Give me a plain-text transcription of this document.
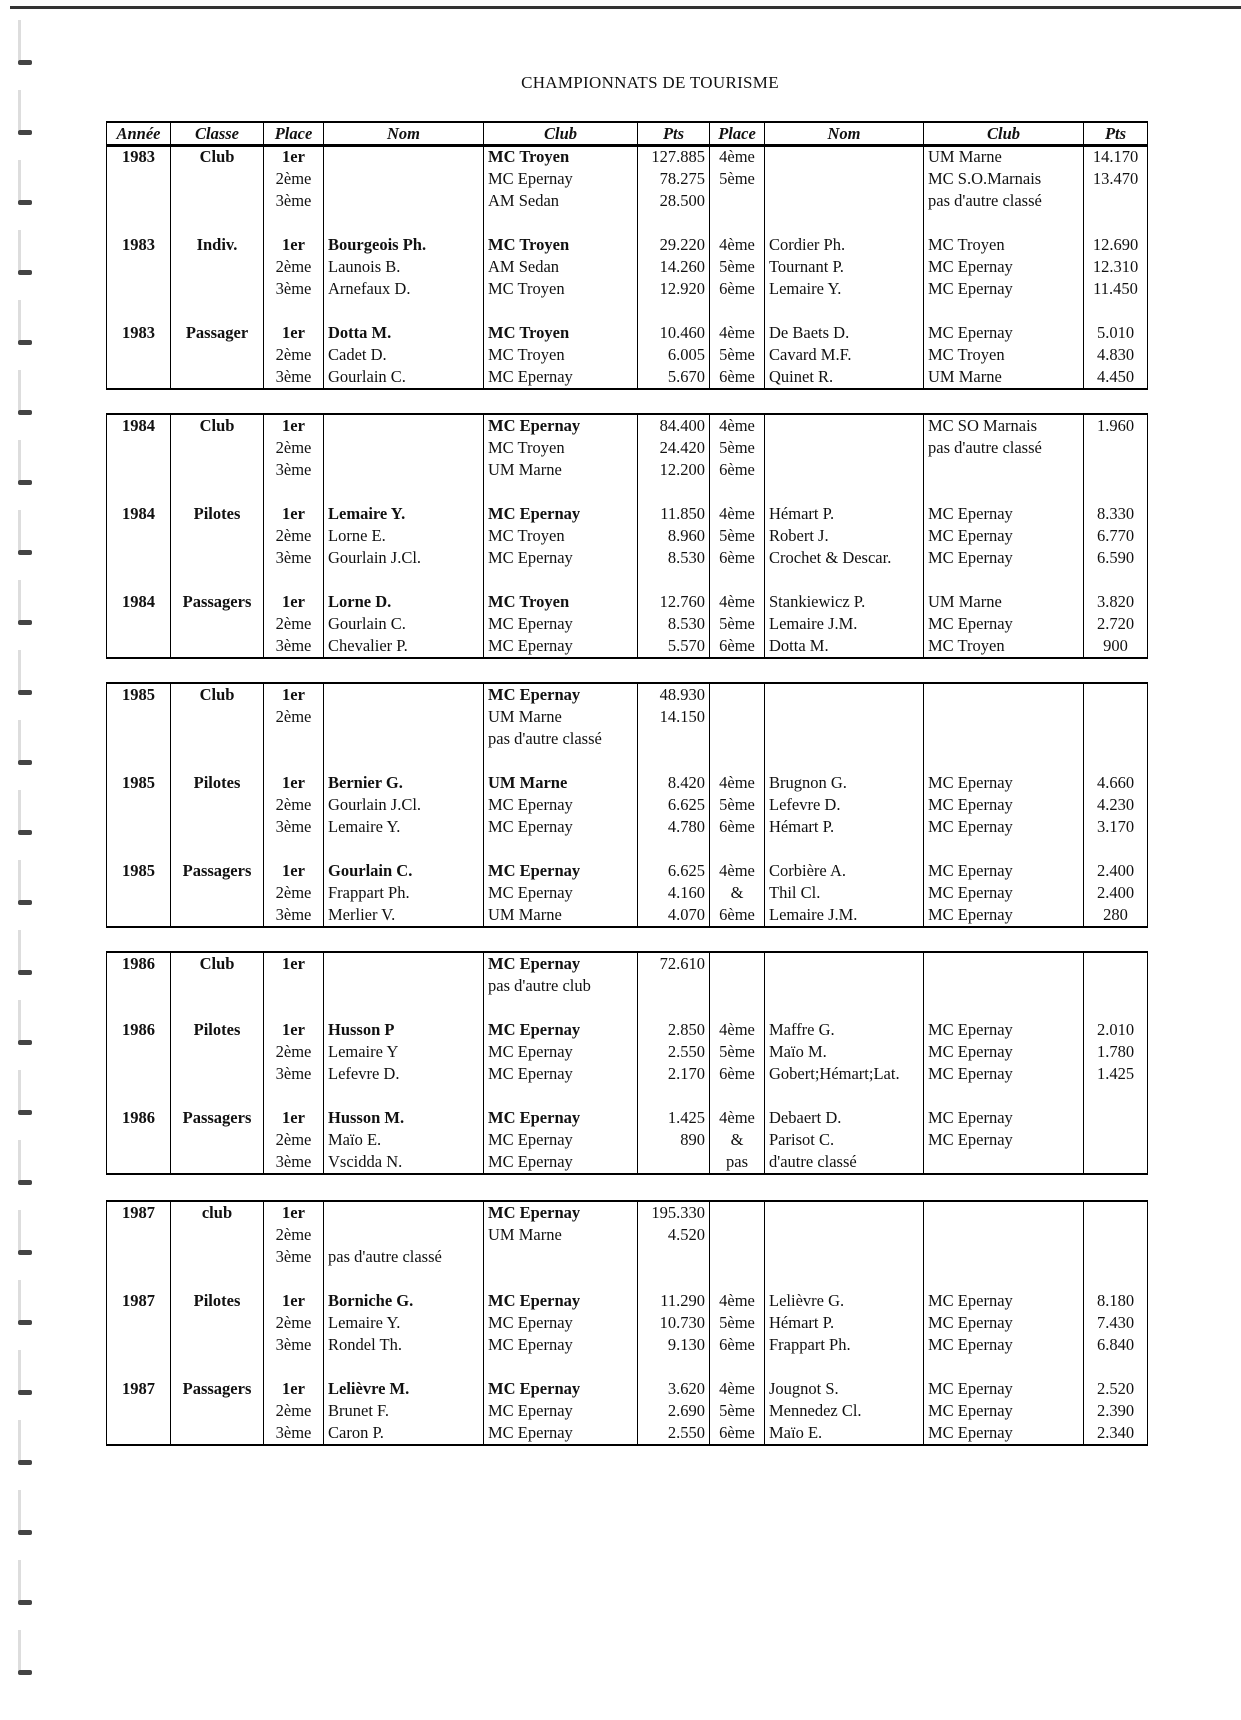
CHAMPIONNATS DE TOURISME
Année	Classe	Place	Nom	Club	Pts	Place	Nom	Club	Pts
1983	Club	1er		MC Troyen	127.885	4ème		UM Marne	14.170
		2ème		MC Epernay	78.275	5ème		MC S.O.Marnais	13.470
		3ème		AM Sedan	28.500			pas d'autre classé	

1983	Indiv.	1er	Bourgeois Ph.	MC Troyen	29.220	4ème	Cordier Ph.	MC Troyen	12.690
		2ème	Launois B.	AM Sedan	14.260	5ème	Tournant P.	MC Epernay	12.310
		3ème	Arnefaux D.	MC Troyen	12.920	6ème	Lemaire Y.	MC Epernay	11.450

1983	Passager	1er	Dotta M.	MC Troyen	10.460	4ème	De Baets D.	MC Epernay	5.010
		2ème	Cadet D.	MC Troyen	6.005	5ème	Cavard M.F.	MC Troyen	4.830
		3ème	Gourlain C.	MC Epernay	5.670	6ème	Quinet R.	UM Marne	4.450
1984	Club	1er		MC Epernay	84.400	4ème		MC SO Marnais	1.960
		2ème		MC Troyen	24.420	5ème		pas d'autre classé	
		3ème		UM Marne	12.200	6ème			

1984	Pilotes	1er	Lemaire Y.	MC Epernay	11.850	4ème	Hémart P.	MC Epernay	8.330
		2ème	Lorne E.	MC Troyen	8.960	5ème	Robert J.	MC Epernay	6.770
		3ème	Gourlain J.Cl.	MC Epernay	8.530	6ème	Crochet & Descar.	MC Epernay	6.590

1984	Passagers	1er	Lorne D.	MC Troyen	12.760	4ème	Stankiewicz P.	UM Marne	3.820
		2ème	Gourlain C.	MC Epernay	8.530	5ème	Lemaire J.M.	MC Epernay	2.720
		3ème	Chevalier P.	MC Epernay	5.570	6ème	Dotta M.	MC Troyen	900
1985	Club	1er		MC Epernay	48.930				
		2ème		UM Marne	14.150				
				pas d'autre classé					

1985	Pilotes	1er	Bernier G.	UM Marne	8.420	4ème	Brugnon G.	MC Epernay	4.660
		2ème	Gourlain J.Cl.	MC Epernay	6.625	5ème	Lefevre D.	MC Epernay	4.230
		3ème	Lemaire Y.	MC Epernay	4.780	6ème	Hémart P.	MC Epernay	3.170

1985	Passagers	1er	Gourlain C.	MC Epernay	6.625	4ème	Corbière A.	MC Epernay	2.400
		2ème	Frappart Ph.	MC Epernay	4.160	&	Thil Cl.	MC Epernay	2.400
		3ème	Merlier V.	UM Marne	4.070	6ème	Lemaire J.M.	MC Epernay	280
1986	Club	1er		MC Epernay	72.610				
				pas d'autre club					

1986	Pilotes	1er	Husson P	MC Epernay	2.850	4ème	Maffre G.	MC Epernay	2.010
		2ème	Lemaire Y	MC Epernay	2.550	5ème	Maïo M.	MC Epernay	1.780
		3ème	Lefevre D.	MC Epernay	2.170	6ème	Gobert;Hémart;Lat.	MC Epernay	1.425

1986	Passagers	1er	Husson M.	MC Epernay	1.425	4ème	Debaert D.	MC Epernay	
		2ème	Maïo E.	MC Epernay	890	&	Parisot C.	MC Epernay	
		3ème	Vscidda N.	MC Epernay		pas	d'autre classé		
1987	club	1er		MC Epernay	195.330				
		2ème		UM Marne	4.520				
		3ème	pas d'autre classé						

1987	Pilotes	1er	Borniche G.	MC Epernay	11.290	4ème	Lelièvre G.	MC Epernay	8.180
		2ème	Lemaire Y.	MC Epernay	10.730	5ème	Hémart P.	MC Epernay	7.430
		3ème	Rondel Th.	MC Epernay	9.130	6ème	Frappart Ph.	MC Epernay	6.840

1987	Passagers	1er	Lelièvre M.	MC Epernay	3.620	4ème	Jougnot S.	MC Epernay	2.520
		2ème	Brunet F.	MC Epernay	2.690	5ème	Mennedez Cl.	MC Epernay	2.390
		3ème	Caron P.	MC Epernay	2.550	6ème	Maïo E.	MC Epernay	2.340
